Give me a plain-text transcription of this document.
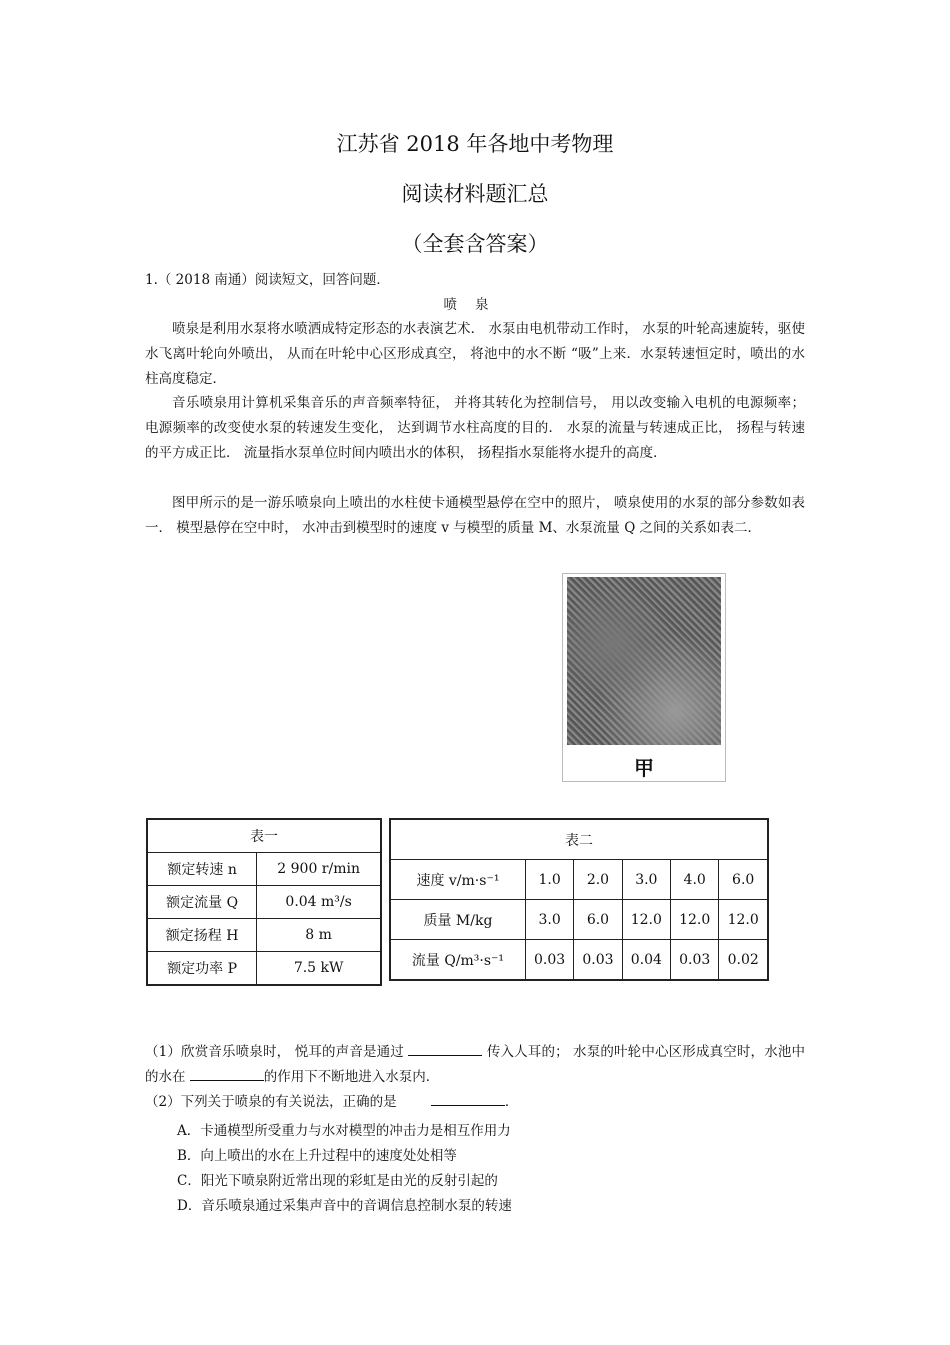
江苏省 2018 年各地中考物理
阅读材料题汇总
（全套含答案）
1.（ 2018 南通）阅读短文，回答问题．
喷泉
喷泉是利用水泵将水喷洒成特定形态的水表演艺术． 水泵由电机带动工作时， 水泵的叶轮高速旋转，驱使水飞离叶轮向外喷出， 从而在叶轮中心区形成真空， 将池中的水不断 “吸”上来．水泵转速恒定时，喷出的水柱高度稳定．
音乐喷泉用计算机采集音乐的声音频率特征， 并将其转化为控制信号， 用以改变输入电机的电源频率； 电源频率的改变使水泵的转速发生变化， 达到调节水柱高度的目的． 水泵的流量与转速成正比， 扬程与转速的平方成正比． 流量指水泵单位时间内喷出水的体积， 扬程指水泵能将水提升的高度．
图甲所示的是一游乐喷泉向上喷出的水柱使卡通模型悬停在空中的照片， 喷泉使用的水泵的部分参数如表一． 模型悬停在空中时， 水冲击到模型时的速度 v 与模型的质量 M、水泵流量 Q 之间的关系如表二．
甲
表一	
额定转速 n	2 900 r/min
额定流量 Q	0.04 m³/s
额定扬程 H	8 m
额定功率 P	7.5 kW
表二					
速度 v/m·s⁻¹	1.0	2.0	3.0	4.0	6.0
质量 M/kg	3.0	6.0	12.0	12.0	12.0
流量 Q/m³·s⁻¹	0.03	0.03	0.04	0.03	0.02
（1）欣赏音乐喷泉时， 悦耳的声音是通过	传入人耳的； 水泵的叶轮中心区形成真空时，水池中的水在	的作用下不断地进入水泵内．
（2）下列关于喷泉的有关说法，正确的是	．
A．卡通模型所受重力与水对模型的冲击力是相互作用力
B．向上喷出的水在上升过程中的速度处处相等
C．阳光下喷泉附近常出现的彩虹是由光的反射引起的
D．音乐喷泉通过采集声音中的音调信息控制水泵的转速
